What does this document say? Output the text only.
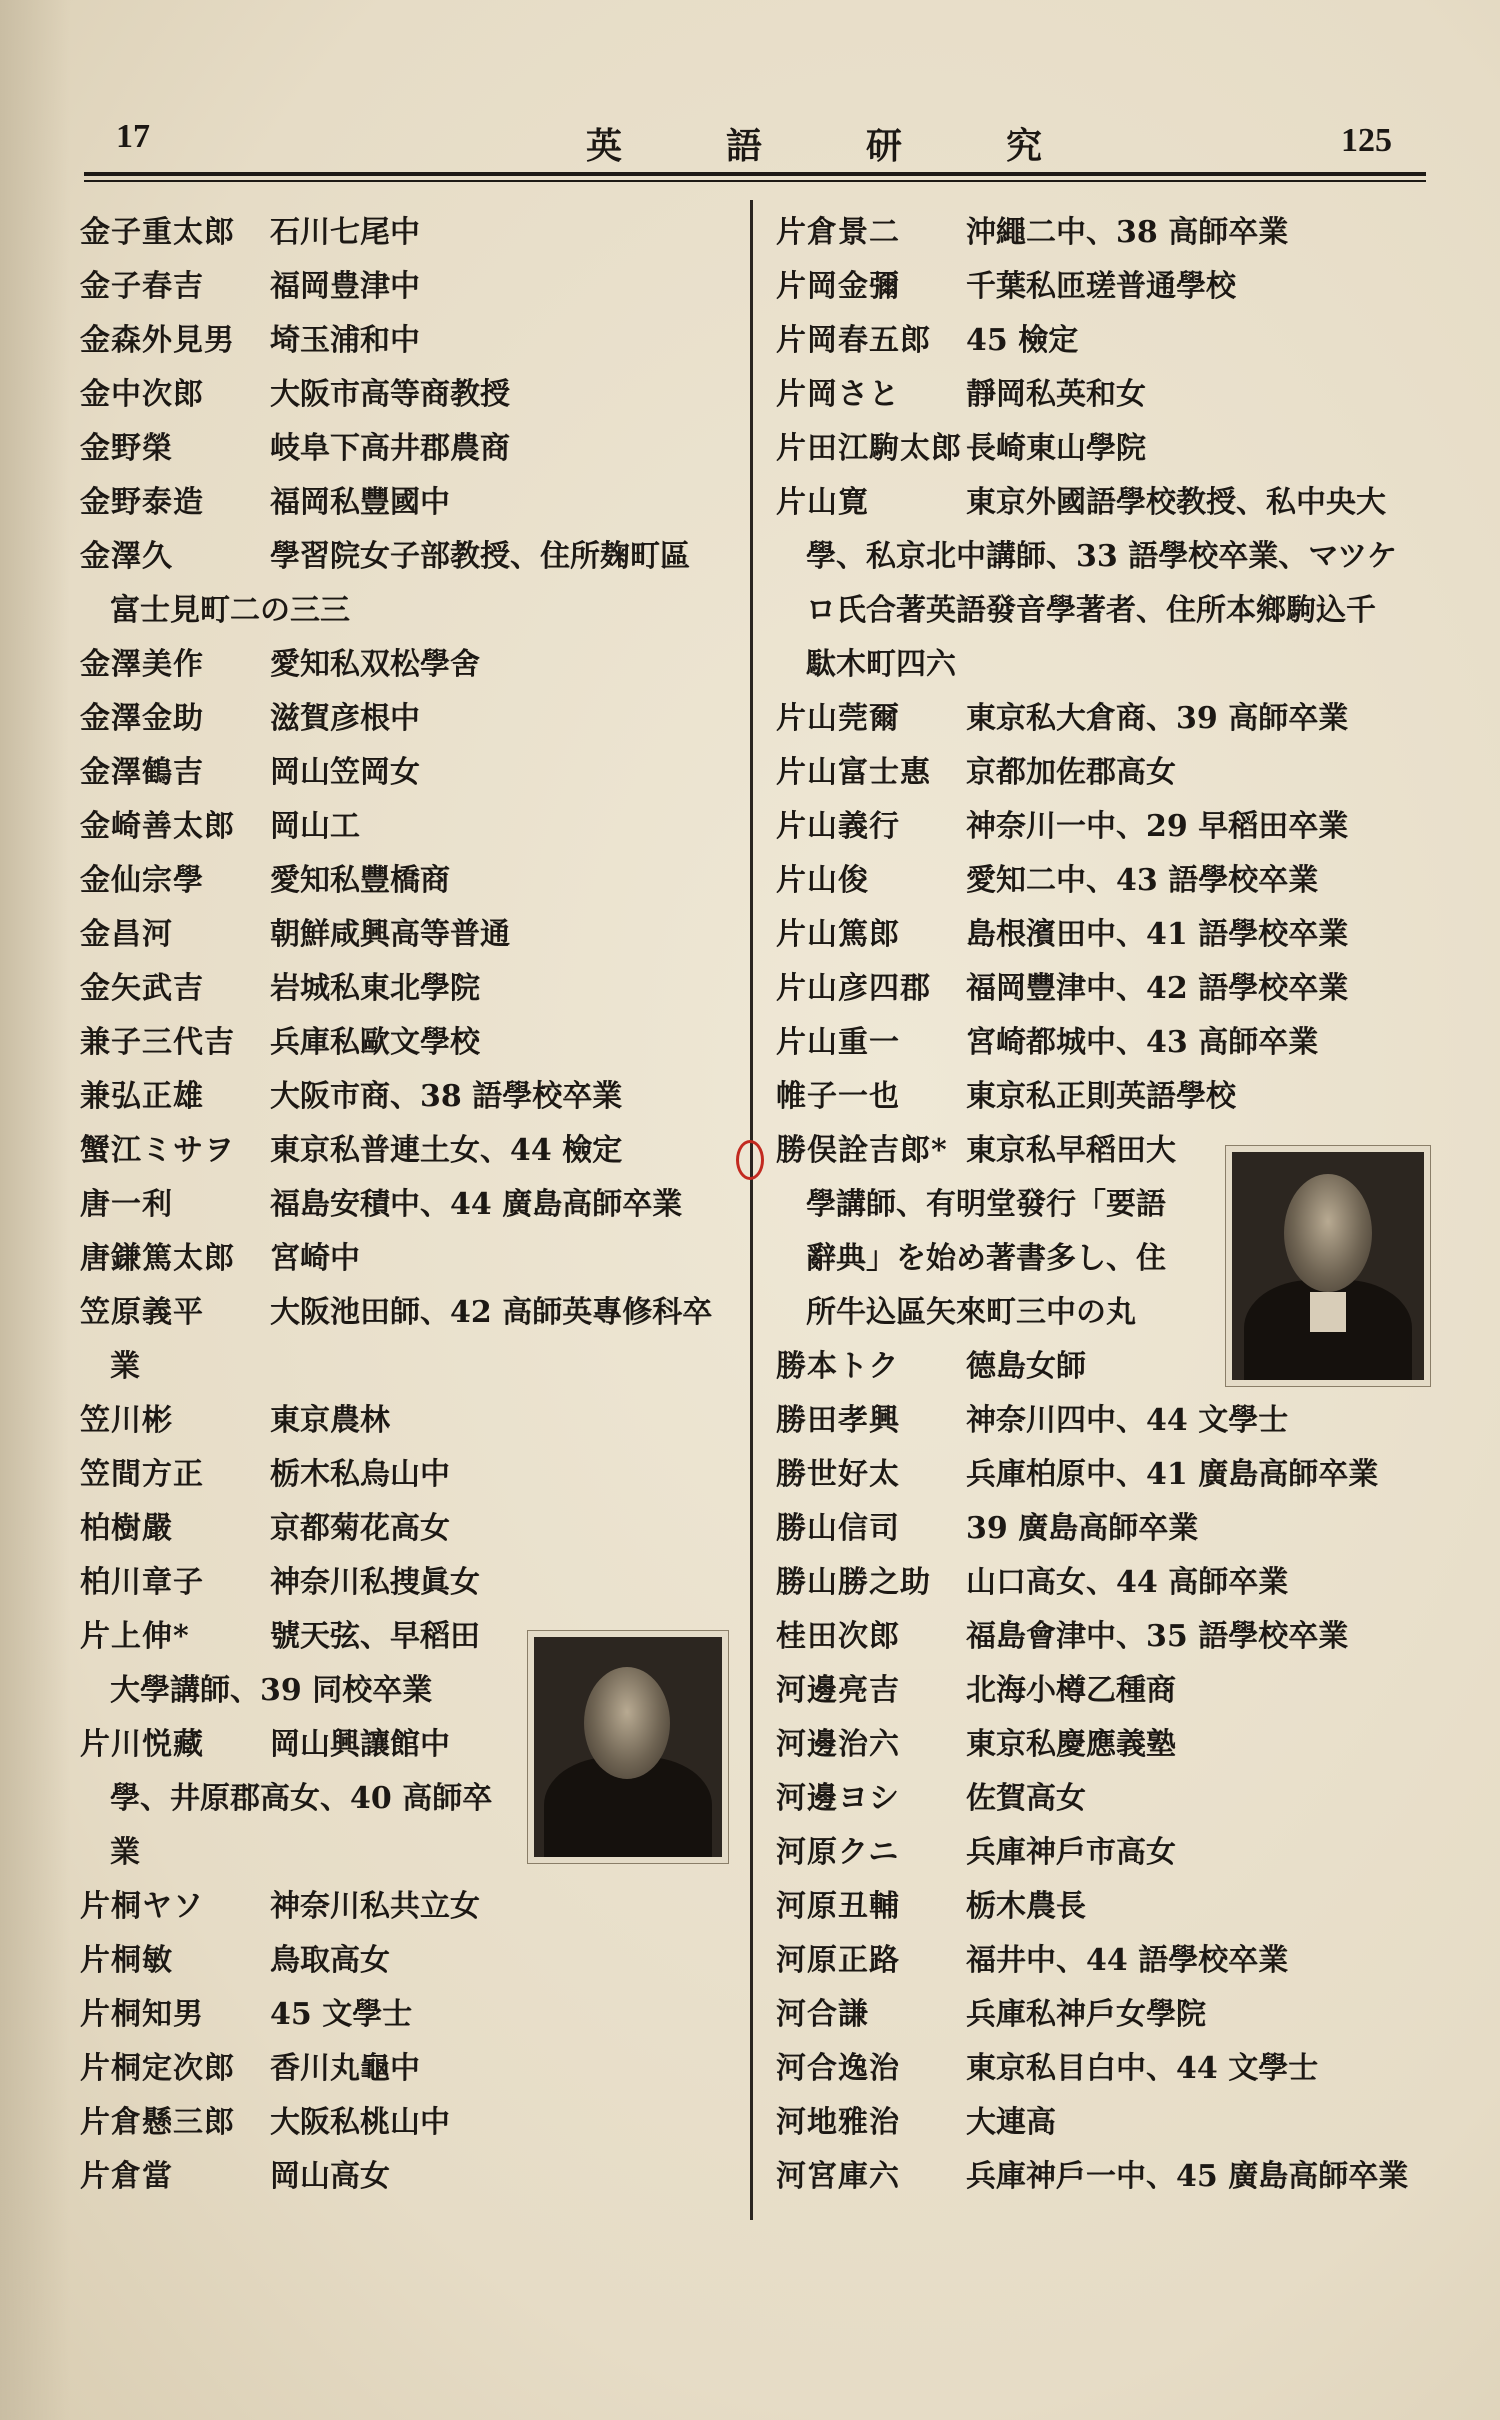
17	英	語	研	究	125
金子重太郎 石川七尾中
金子春吉 福岡豊津中
金森外見男 埼玉浦和中
金中次郎 大阪市高等商教授
金野榮	岐阜下高井郡農商
金野泰造 福岡私豐國中
金澤久	學習院女子部教授、住所麹町區
富士見町二の三三
金澤美作 愛知私双松學舍
金澤金助 滋賀彦根中
金澤鶴吉 岡山笠岡女
金崎善太郎 岡山工
金仙宗學 愛知私豐橋商
金昌河	朝鮮咸興高等普通
金矢武吉 岩城私東北學院
兼子三代吉 兵庫私歐文學校
兼弘正雄 大阪市商、38 語學校卒業
蟹江ミサヲ 東京私普連土女、44 檢定
唐一利	福島安積中、44 廣島高師卒業
唐鎌篤太郎 宮崎中
笠原義平 大阪池田師、42 高師英專修科卒
業
笠川彬	東京農林
笠間方正 栃木私烏山中
柏樹嚴	京都菊花高女
柏川章子 神奈川私捜眞女
片上伸*	號天弦、早稻田
大學講師、39 同校卒業
片川悦藏 岡山興讓館中
學、井原郡高女、40 高師卒
業
片桐ヤソ 神奈川私共立女
片桐敏	鳥取高女
片桐知男 45 文學士
片桐定次郎 香川丸龜中
片倉懸三郎 大阪私桃山中
片倉當	岡山高女
片倉景二 沖繩二中、38 高師卒業
片岡金彌 千葉私匝瑳普通學校
片岡春五郎 45 檢定
片岡さと 靜岡私英和女
片田江駒太郎 長崎東山學院
片山寛	東京外國語學校教授、私中央大
學、私京北中講師、33 語學校卒業、マツケ
ロ氏合著英語發音學著者、住所本鄉駒込千
駄木町四六
片山莞爾 東京私大倉商、39 高師卒業
片山富士惠 京都加佐郡高女
片山義行 神奈川一中、29 早稻田卒業
片山俊	愛知二中、43 語學校卒業
片山篤郎 島根濱田中、41 語學校卒業
片山彦四郡 福岡豐津中、42 語學校卒業
片山重一 宮崎都城中、43 高師卒業
帷子一也 東京私正則英語學校
勝俣詮吉郎* 東京私早稻田大
學講師、有明堂發行「要語
辭典」を始め著書多し、住
所牛込區矢來町三中の丸
勝本トク 德島女師
勝田孝興 神奈川四中、44 文學士
勝世好太 兵庫柏原中、41 廣島高師卒業
勝山信司 39 廣島高師卒業
勝山勝之助 山口高女、44 高師卒業
桂田次郎 福島會津中、35 語學校卒業
河邊亮吉 北海小樽乙種商
河邊治六 東京私慶應義塾
河邊ヨシ 佐賀高女
河原クニ 兵庫神戶市高女
河原丑輔 栃木農長
河原正路 福井中、44 語學校卒業
河合謙	兵庫私神戶女學院
河合逸治 東京私目白中、44 文學士
河地雅治 大連高
河宮庫六 兵庫神戶一中、45 廣島高師卒業
